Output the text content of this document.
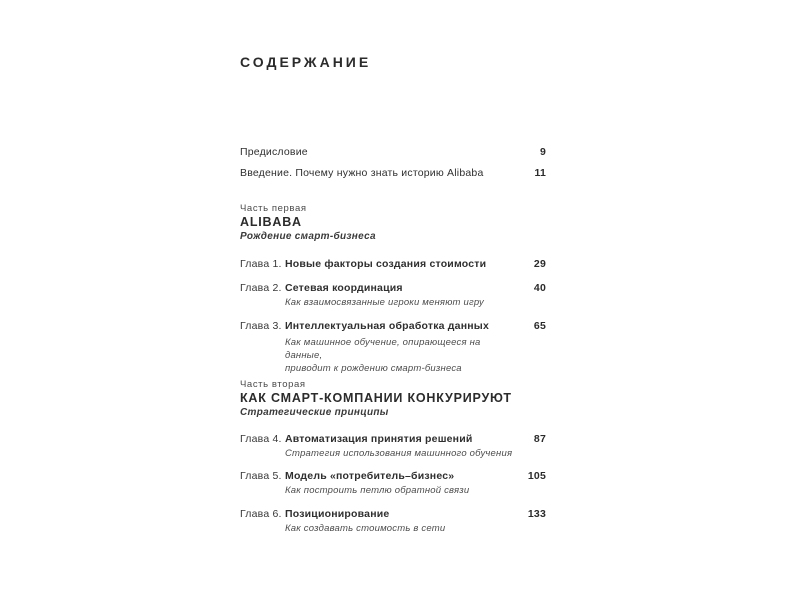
СОДЕРЖАНИЕ
Предисловие	9
Введение. Почему нужно знать историю Alibaba	11
Часть первая
ALIBABA
Рождение смарт-бизнеса
Глава 1. Новые факторы создания стоимости	29
Глава 2. Сетевая координация	40
Как взаимосвязанные игроки меняют игру
Глава 3. Интеллектуальная обработка данных	65
Как машинное обучение, опирающееся на данные,
приводит к рождению смарт-бизнеса
Часть вторая
КАК СМАРТ-КОМПАНИИ КОНКУРИРУЮТ
Стратегические принципы
Глава 4. Автоматизация принятия решений	87
Стратегия использования машинного обучения
Глава 5. Модель «потребитель–бизнес»	105
Как построить петлю обратной связи
Глава 6. Позиционирование	133
Как создавать стоимость в сети
